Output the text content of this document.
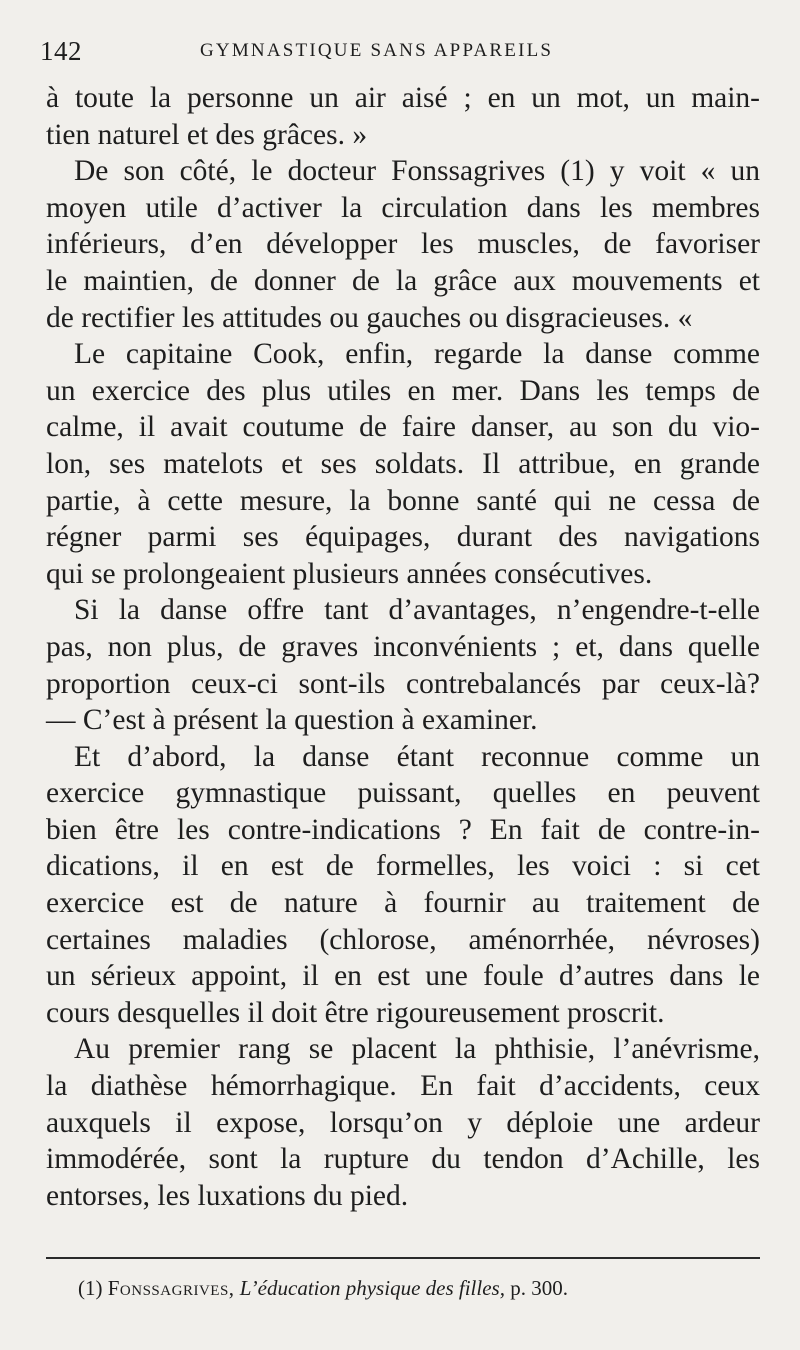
142	GYMNASTIQUE SANS APPAREILS
à toute la personne un air aisé ; en un mot, un main-
tien naturel et des grâces. »
De son côté, le docteur Fonssagrives (1) y voit « un
moyen utile d’activer la circulation dans les membres
inférieurs, d’en développer les muscles, de favoriser
le maintien, de donner de la grâce aux mouvements et
de rectifier les attitudes ou gauches ou disgracieuses. «
Le capitaine Cook, enfin, regarde la danse comme
un exercice des plus utiles en mer. Dans les temps de
calme, il avait coutume de faire danser, au son du vio-
lon, ses matelots et ses soldats. Il attribue, en grande
partie, à cette mesure, la bonne santé qui ne cessa de
régner parmi ses équipages, durant des navigations
qui se prolongeaient plusieurs années consécutives.
Si la danse offre tant d’avantages, n’engendre-t-elle
pas, non plus, de graves inconvénients ; et, dans quelle
proportion ceux-ci sont-ils contrebalancés par ceux-là?
— C’est à présent la question à examiner.
Et d’abord, la danse étant reconnue comme un
exercice gymnastique puissant, quelles en peuvent
bien être les contre-indications ? En fait de contre-in-
dications, il en est de formelles, les voici : si cet
exercice est de nature à fournir au traitement de
certaines maladies (chlorose, aménorrhée, névroses)
un sérieux appoint, il en est une foule d’autres dans le
cours desquelles il doit être rigoureusement proscrit.
Au premier rang se placent la phthisie, l’anévrisme,
la diathèse hémorrhagique. En fait d’accidents, ceux
auxquels il expose, lorsqu’on y déploie une ardeur
immodérée, sont la rupture du tendon d’Achille, les
entorses, les luxations du pied.
(1) Fonssagrives, L’éducation physique des filles, p. 300.
